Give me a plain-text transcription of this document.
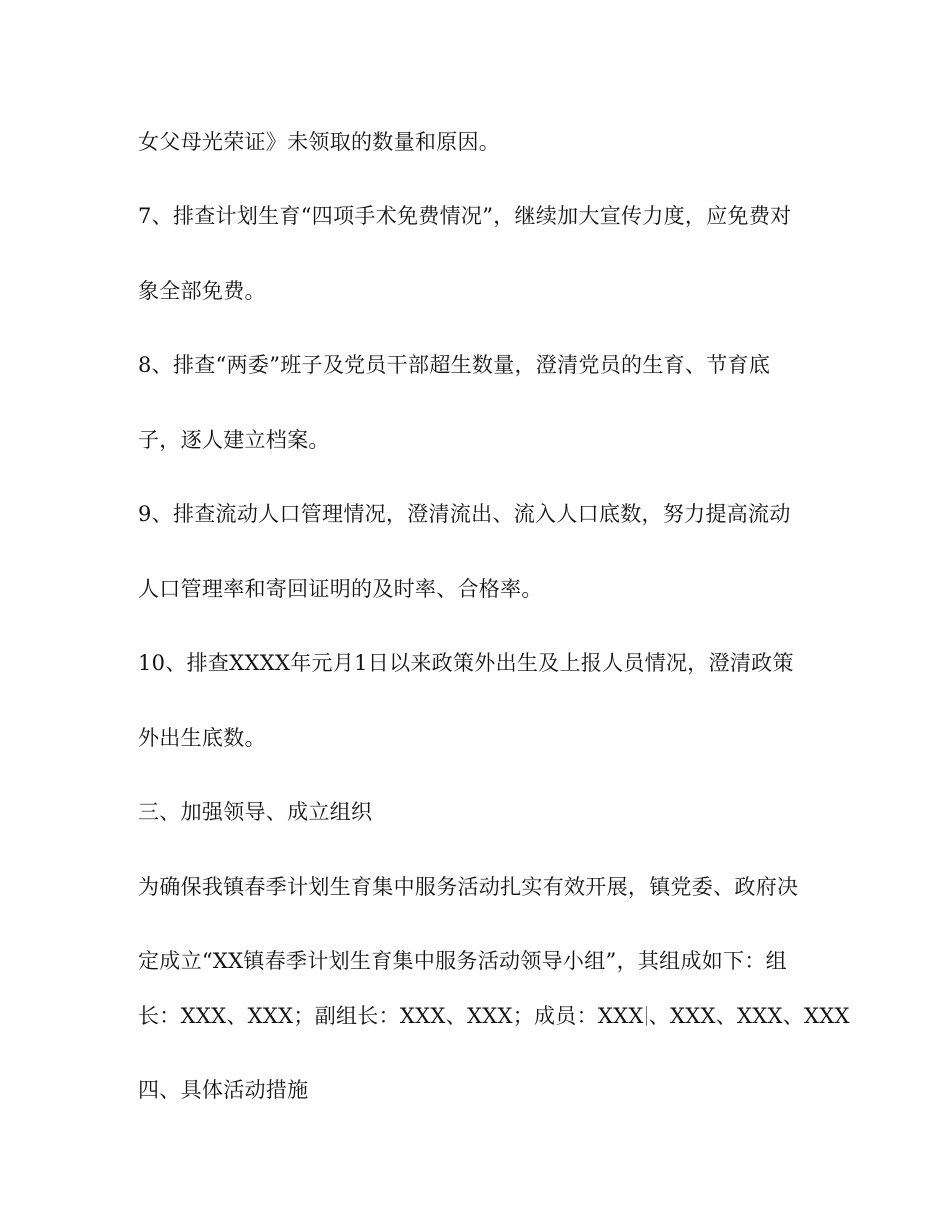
女父母光荣证》未领取的数量和原因。
7、排查计划生育“四项手术免费情况”，继续加大宣传力度，应免费对
象全部免费。
8、排查“两委”班子及党员干部超生数量，澄清党员的生育、节育底
子，逐人建立档案。
9、排查流动人口管理情况，澄清流出、流入人口底数，努力提高流动
人口管理率和寄回证明的及时率、合格率。
10、排查XXXX年元月1日以来政策外出生及上报人员情况，澄清政策
外出生底数。
三、加强领导、成立组织
为确保我镇春季计划生育集中服务活动扎实有效开展，镇党委、政府决
定成立“XX镇春季计划生育集中服务活动领导小组”，其组成如下：组
长：XXX、XXX；副组长：XXX、XXX；成员：XXX 、XXX、XXX、XXX
四、具体活动措施
